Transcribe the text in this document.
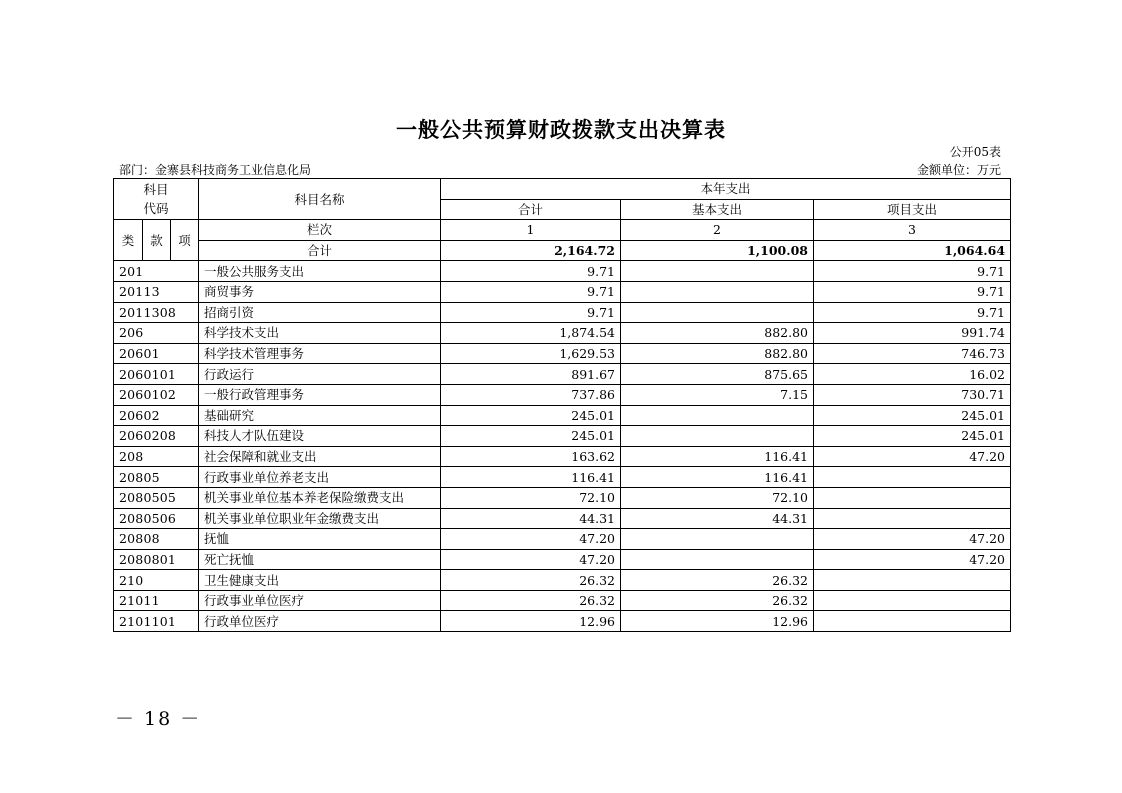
一般公共预算财政拨款支出决算表
公开05表
部门：金寨县科技商务工业信息化局	金额单位：万元
科目
代码			科目名称	本年支出		
				合计	基本支出	项目支出
类	款	项	栏次	1	2	3
			合计	2,164.72	1,100.08	1,064.64
201			一般公共服务支出	9.71		9.71
20113			商贸事务	9.71		9.71
2011308			招商引资	9.71		9.71
206			科学技术支出	1,874.54	882.80	991.74
20601			科学技术管理事务	1,629.53	882.80	746.73
2060101			行政运行	891.67	875.65	16.02
2060102			一般行政管理事务	737.86	7.15	730.71
20602			基础研究	245.01		245.01
2060208			科技人才队伍建设	245.01		245.01
208			社会保障和就业支出	163.62	116.41	47.20
20805			行政事业单位养老支出	116.41	116.41	
2080505			机关事业单位基本养老保险缴费支出	72.10	72.10	
2080506			机关事业单位职业年金缴费支出	44.31	44.31	
20808			抚恤	47.20		47.20
2080801			死亡抚恤	47.20		47.20
210			卫生健康支出	26.32	26.32	
21011			行政事业单位医疗	26.32	26.32	
2101101			行政单位医疗	12.96	12.96	
－ 18 －
